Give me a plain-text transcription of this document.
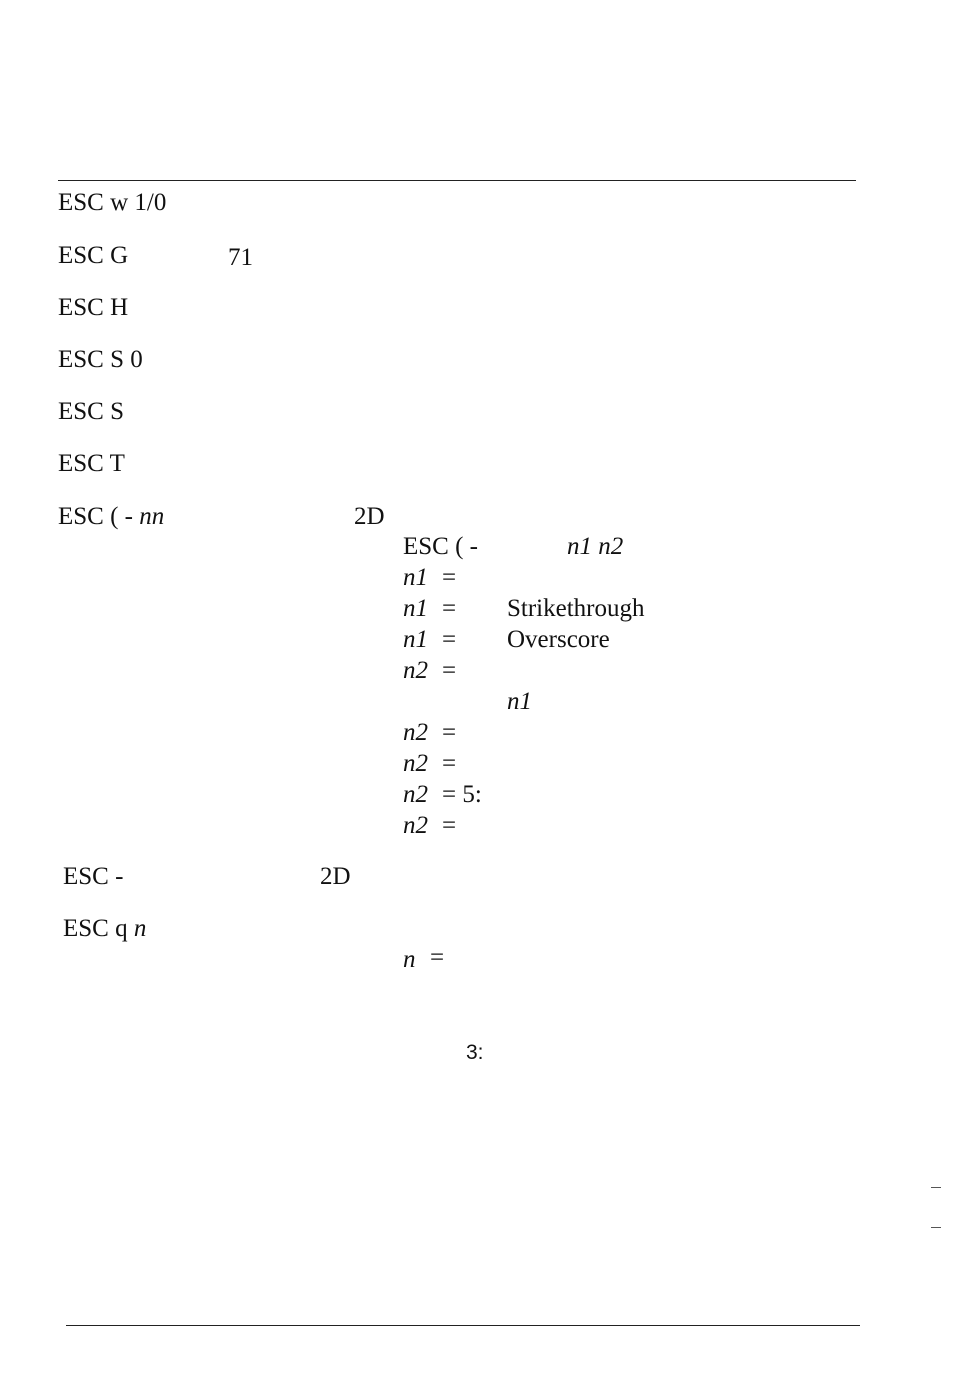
ESC w 1/0
ESC G	71
ESC H
ESC S 0
ESC S
ESC T
ESC ( - nn	2D
ESC ( -	n1 n2
n1 =
n1 = Strikethrough
n1 = Overscore
n2 =
n1
n2 =
n2 =
n2 = 5:
n2 =
ESC -	2D
ESC q n
n =
3:
